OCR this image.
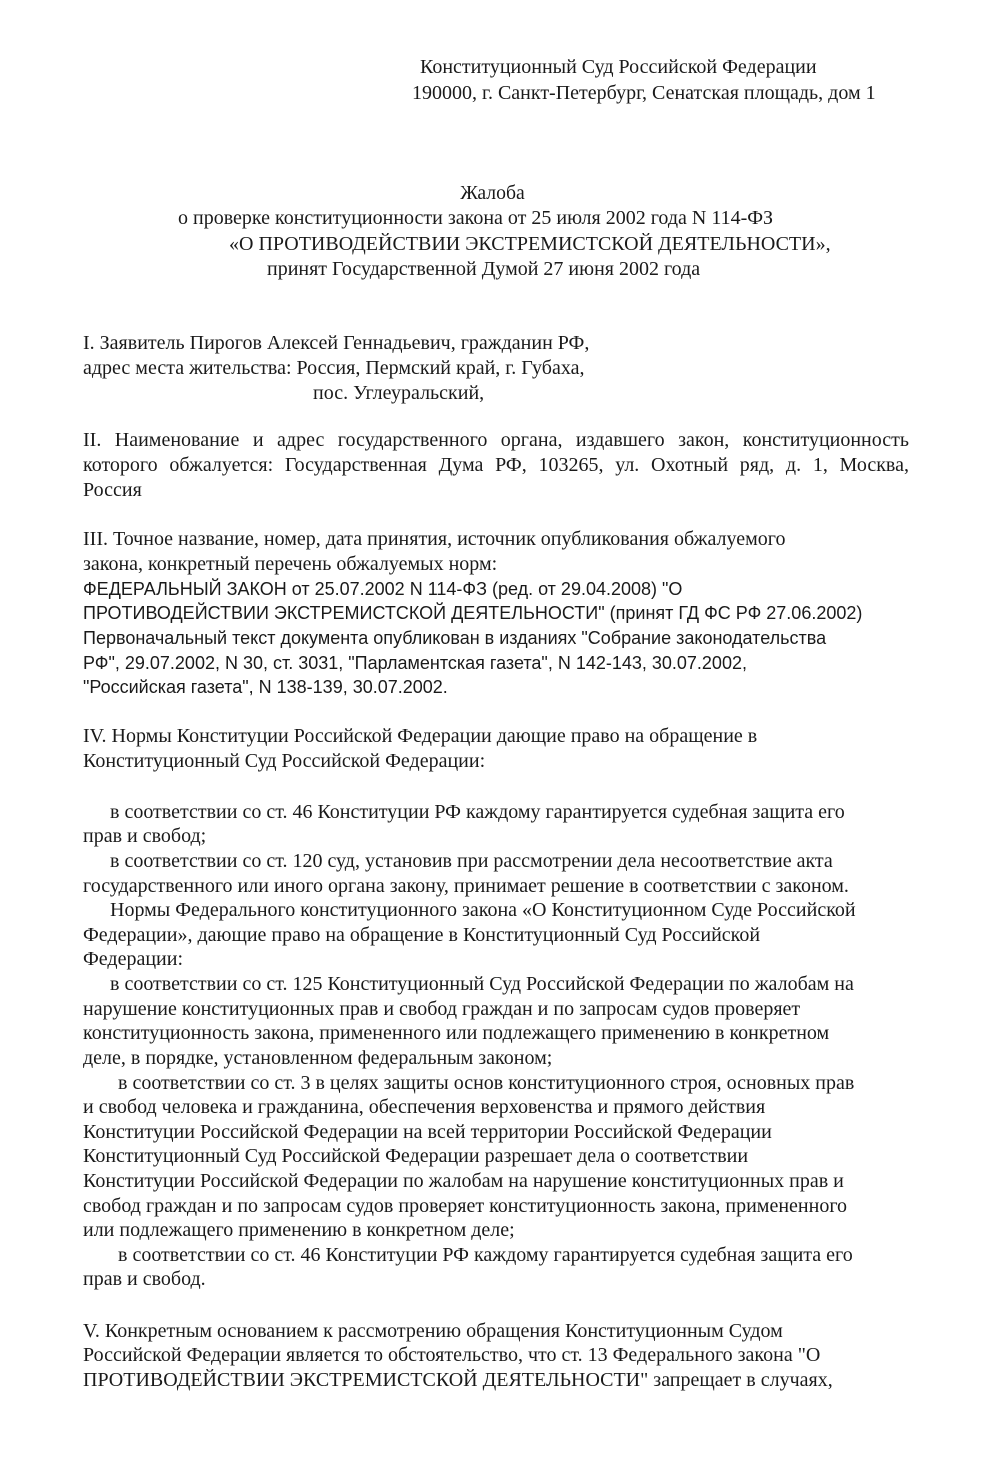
Конституционный Суд Российской Федерации

190000, г. Санкт-Петербург, Сенатская площадь, дом 1

Жалоба

о проверке конституционности закона от 25 июля 2002 года N 114-ФЗ

«О ПРОТИВОДЕЙСТВИИ ЭКСТРЕМИСТСКОЙ ДЕЯТЕЛЬНОСТИ»,

принят Государственной Думой 27 июня 2002 года

I. Заявитель Пирогов Алексей Геннадьевич, гражданин РФ,

адрес места жительства: Россия, Пермский край, г. Губаха,

пос. Углеуральский,

II. Наименование и адрес государственного органа, издавшего закон, конституционность

которого обжалуется: Государственная Дума РФ, 103265, ул. Охотный ряд, д. 1, Москва,

Россия

III. Точное название, номер, дата принятия, источник опубликования обжалуемого

закона, конкретный перечень обжалуемых норм:

ФЕДЕРАЛЬНЫЙ ЗАКОН от 25.07.2002 N 114-ФЗ (ред. от 29.04.2008) "О

ПРОТИВОДЕЙСТВИИ ЭКСТРЕМИСТСКОЙ ДЕЯТЕЛЬНОСТИ" (принят ГД ФС РФ 27.06.2002)

Первоначальный текст документа опубликован в изданиях "Собрание законодательства

РФ", 29.07.2002, N 30, ст. 3031, "Парламентская газета", N 142-143, 30.07.2002,

"Российская газета", N 138-139, 30.07.2002.

IV. Нормы Конституции Российской Федерации дающие право на обращение в

Конституционный Суд Российской Федерации:

в соответствии со ст. 46 Конституции РФ каждому гарантируется судебная защита его

прав и свобод;

в соответствии со ст. 120 суд, установив при рассмотрении дела несоответствие акта

государственного или иного органа закону, принимает решение в соответствии с законом.

Нормы Федерального конституционного закона «О Конституционном Суде Российской

Федерации», дающие право на обращение в Конституционный Суд Российской

Федерации:

в соответствии со ст. 125 Конституционный Суд Российской Федерации по жалобам на

нарушение конституционных прав и свобод граждан и по запросам судов проверяет

конституционность закона, примененного или подлежащего применению в конкретном

деле, в порядке, установленном федеральным законом;

в соответствии со ст. 3 в целях защиты основ конституционного строя, основных прав

и свобод человека и гражданина, обеспечения верховенства и прямого действия

Конституции Российской Федерации на всей территории Российской Федерации

Конституционный Суд Российской Федерации разрешает дела о соответствии

Конституции Российской Федерации по жалобам на нарушение конституционных прав и

свобод граждан и по запросам судов проверяет конституционность закона, примененного

или подлежащего применению в конкретном деле;

в соответствии со ст. 46 Конституции РФ каждому гарантируется судебная защита его

прав и свобод.

V. Конкретным основанием к рассмотрению обращения Конституционным Судом

Российской Федерации является то обстоятельство, что ст. 13 Федерального закона "О

ПРОТИВОДЕЙСТВИИ ЭКСТРЕМИСТСКОЙ ДЕЯТЕЛЬНОСТИ" запрещает в случаях,
